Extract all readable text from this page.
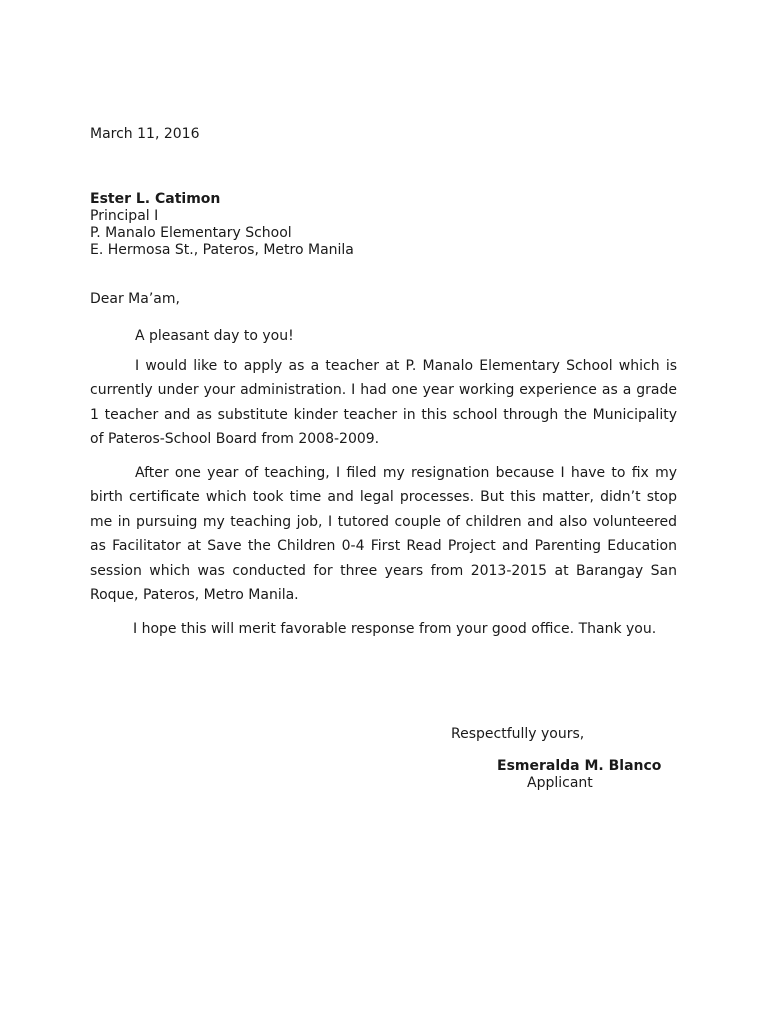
March 11, 2016
Ester L. Catimon
Principal I
P. Manalo Elementary School
E. Hermosa St., Pateros, Metro Manila
Dear Ma’am,

A pleasant day to you!

I would like to apply as a teacher at P. Manalo Elementary School which is currently under your administration. I had one year working experience as a grade 1 teacher and as substitute kinder teacher in this school through the Municipality of Pateros-School Board from 2008-2009.

After one year of teaching, I filed my resignation because I have to fix my birth certificate which took time and legal processes. But this matter, didn’t stop me in pursuing my teaching job, I tutored couple of children and also volunteered as Facilitator at Save the Children 0-4 First Read Project and Parenting Education session which was conducted for three years from 2013-2015 at Barangay San Roque, Pateros, Metro Manila.

I hope this will merit favorable response from your good office. Thank you.

Respectfully yours,
Esmeralda M. Blanco
Applicant
